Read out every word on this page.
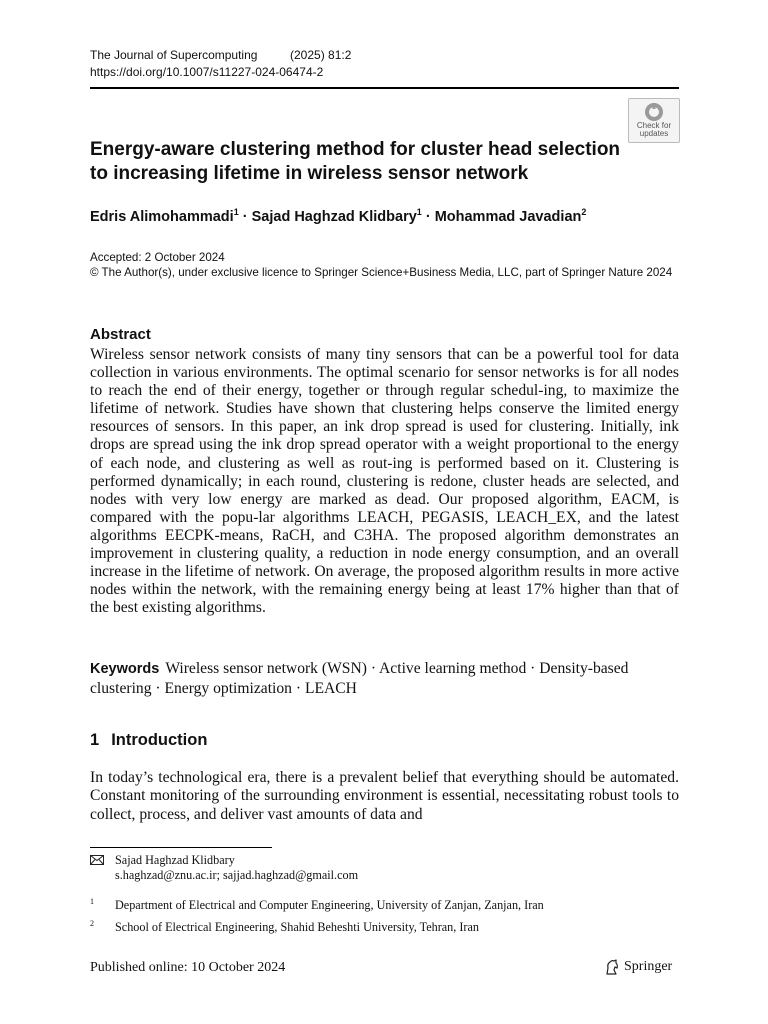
The Journal of Supercomputing	(2025) 81:2
https://doi.org/10.1007/s11227-024-06474-2
Check for
updates
Energy-aware clustering method for cluster head selection to increasing lifetime in wireless sensor network
Edris Alimohammadi$^1$ · Sajad Haghzad Klidbary$^1$ · Mohammad Javadian$^2$
Accepted: 2 October 2024
© The Author(s), under exclusive licence to Springer Science+Business Media, LLC, part of Springer Nature 2024
Abstract

Wireless sensor network consists of many tiny sensors that can be a powerful tool for data collection in various environments. The optimal scenario for sensor networks is for all nodes to reach the end of their energy, together or through regular schedul-ing, to maximize the lifetime of network. Studies have shown that clustering helps conserve the limited energy resources of sensors. In this paper, an ink drop spread is used for clustering. Initially, ink drops are spread using the ink drop spread operator with a weight proportional to the energy of each node, and clustering as well as rout-ing is performed based on it. Clustering is performed dynamically; in each round, clustering is redone, cluster heads are selected, and nodes with very low energy are marked as dead. Our proposed algorithm, EACM, is compared with the popu-lar algorithms LEACH, PEGASIS, LEACH_EX, and the latest algorithms EECPK-means, RaCH, and C3HA. The proposed algorithm demonstrates an improvement in clustering quality, a reduction in node energy consumption, and an overall increase in the lifetime of network. On average, the proposed algorithm results in more active nodes within the network, with the remaining energy being at least 17% higher than that of the best existing algorithms.

Keywords Wireless sensor network (WSN) · Active learning method · Density-based clustering · Energy optimization · LEACH
1 Introduction

In today’s technological era, there is a prevalent belief that everything should be automated. Constant monitoring of the surrounding environment is essential, necessitating robust tools to collect, process, and deliver vast amounts of data and

Sajad Haghzad Klidbary
s.haghzad@znu.ac.ir; sajjad.haghzad@gmail.com
1 Department of Electrical and Computer Engineering, University of Zanjan, Zanjan, Iran
2 School of Electrical Engineering, Shahid Beheshti University, Tehran, Iran
Published online: 10 October 2024	Springer
